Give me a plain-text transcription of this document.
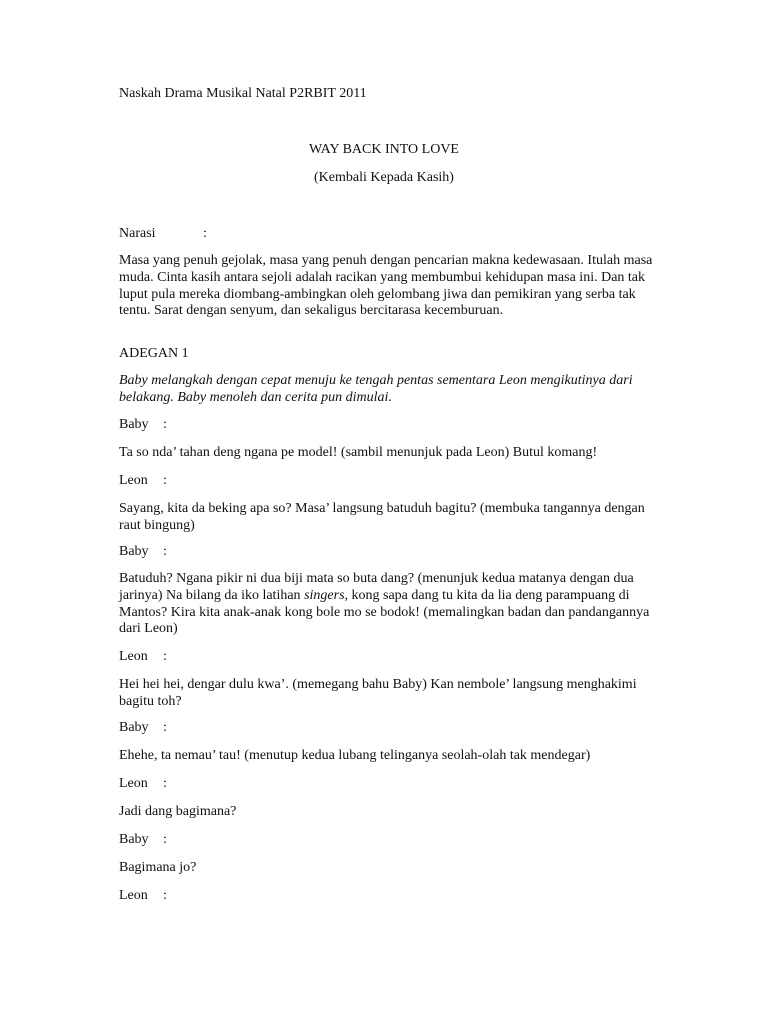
Naskah Drama Musikal Natal P2RBIT 2011

WAY BACK INTO LOVE

(Kembali Kepada Kasih)

Narasi	:

Masa yang penuh gejolak, masa yang penuh dengan pencarian makna kedewasaan. Itulah masa muda. Cinta kasih antara sejoli adalah racikan yang membumbui kehidupan masa ini. Dan tak luput pula mereka diombang-ambingkan oleh gelombang jiwa dan pemikiran yang serba tak tentu. Sarat dengan senyum, dan sekaligus bercitarasa kecemburuan.

ADEGAN 1

Baby melangkah dengan cepat menuju ke tengah pentas sementara Leon mengikutinya dari belakang. Baby menoleh dan cerita pun dimulai.

Baby :

Ta so nda’ tahan deng ngana pe model! (sambil menunjuk pada Leon) Butul komang!

Leon :

Sayang, kita da beking apa so? Masa’ langsung batuduh bagitu? (membuka tangannya dengan raut bingung)

Baby :

Batuduh? Ngana pikir ni dua biji mata so buta dang? (menunjuk kedua matanya dengan dua jarinya) Na bilang da iko latihan singers, kong sapa dang tu kita da lia deng parampuang di Mantos? Kira kita anak-anak kong bole mo se bodok! (memalingkan badan dan pandangannya dari Leon)

Leon :

Hei hei hei, dengar dulu kwa’. (memegang bahu Baby) Kan nembole’ langsung menghakimi bagitu toh?

Baby :

Ehehe, ta nemau’ tau! (menutup kedua lubang telinganya seolah-olah tak mendegar)

Leon :

Jadi dang bagimana?

Baby :

Bagimana jo?

Leon :
